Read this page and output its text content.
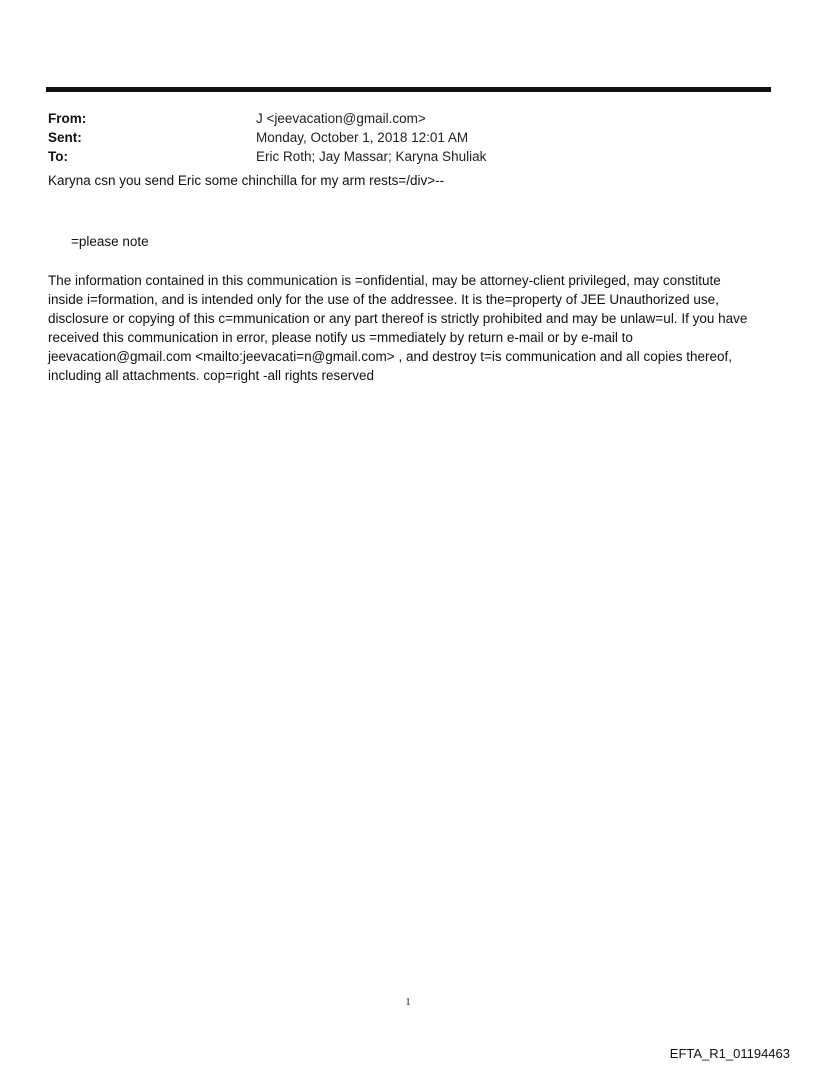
From:	J <jeevacation@gmail.com>
Sent:	Monday, October 1, 2018 12:01 AM
To:	Eric Roth; Jay Massar; Karyna Shuliak
Karyna csn you send Eric some chinchilla for my arm rests=/div>--
=please note
The information contained in this communication is =onfidential, may be attorney-client privileged, may constitute
inside i=formation, and is intended only for the use of the addressee. It is the=property of JEE Unauthorized use,
disclosure or copying of this c=mmunication or any part thereof is strictly prohibited and may be unlaw=ul. If you have
received this communication in error, please notify us =mmediately by return e-mail or by e-mail to
jeevacation@gmail.com <mailto:jeevacati=n@gmail.com> , and destroy t=is communication and all copies thereof,
including all attachments. cop=right -all rights reserved
1
EFTA_R1_01194463
